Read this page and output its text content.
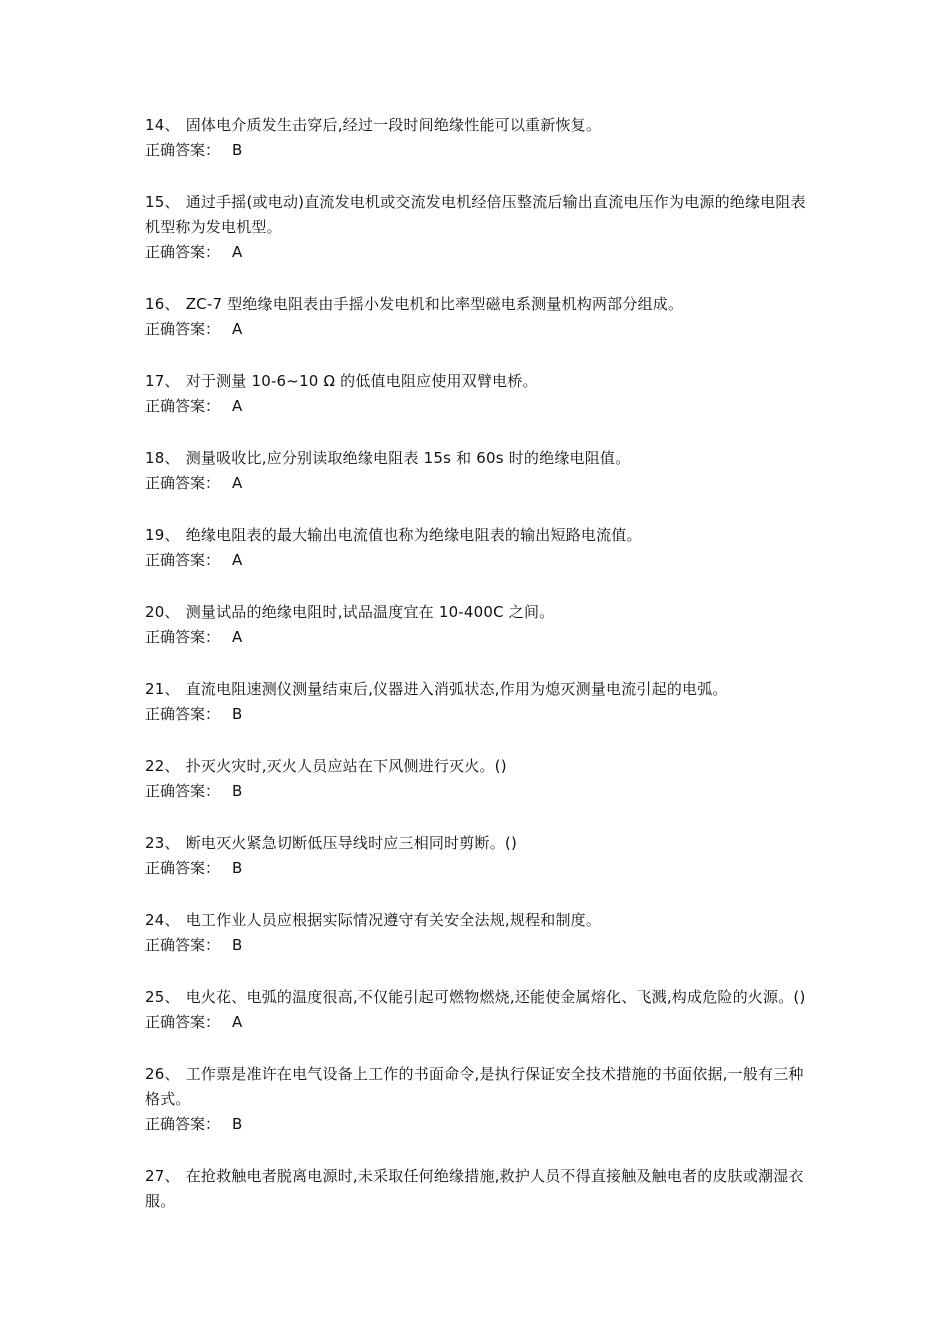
14、 固体电介质发生击穿后,经过一段时间绝缘性能可以重新恢复。
正确答案： B
15、 通过手摇(或电动)直流发电机或交流发电机经倍压整流后输出直流电压作为电源的绝缘电阻表机型称为发电机型。
正确答案： A
16、 ZC-7 型绝缘电阻表由手摇小发电机和比率型磁电系测量机构两部分组成。
正确答案： A
17、 对于测量 10-6~10 Ω 的低值电阻应使用双臂电桥。
正确答案： A
18、 测量吸收比,应分别读取绝缘电阻表 15s 和 60s 时的绝缘电阻值。
正确答案： A
19、 绝缘电阻表的最大输出电流值也称为绝缘电阻表的输出短路电流值。
正确答案： A
20、 测量试品的绝缘电阻时,试品温度宜在 10-400C 之间。
正确答案： A
21、 直流电阻速测仪测量结束后,仪器进入消弧状态,作用为熄灭测量电流引起的电弧。
正确答案： B
22、 扑灭火灾时,灭火人员应站在下风侧进行灭火。()
正确答案： B
23、 断电灭火紧急切断低压导线时应三相同时剪断。()
正确答案： B
24、 电工作业人员应根据实际情况遵守有关安全法规,规程和制度。
正确答案： B
25、 电火花、电弧的温度很高,不仅能引起可燃物燃烧,还能使金属熔化、飞溅,构成危险的火源。()
正确答案： A
26、 工作票是准许在电气设备上工作的书面命令,是执行保证安全技术措施的书面依据,一般有三种格式。
正确答案： B
27、 在抢救触电者脱离电源时,未采取任何绝缘措施,救护人员不得直接触及触电者的皮肤或潮湿衣服。
